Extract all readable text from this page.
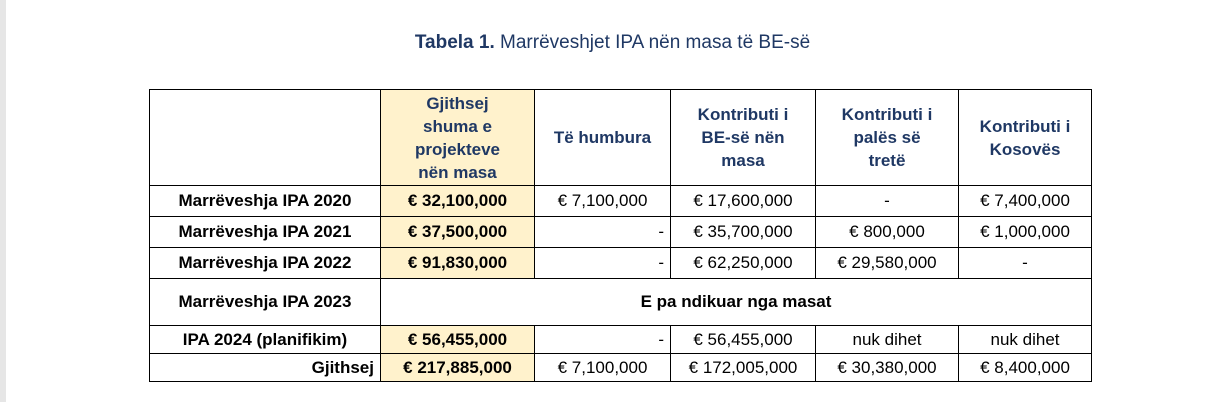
Tabela 1. Marrëveshjet IPA nën masa të BE-së
	Gjithsej shuma e projekteve nën masa	Të humbura	Kontributi i BE-së nën masa	Kontributi i palës së tretë	Kontributi i Kosovës
Marrëveshja IPA 2020	€ 32,100,000	€ 7,100,000	€ 17,600,000	-	€ 7,400,000
Marrëveshja IPA 2021	€ 37,500,000	-	€ 35,700,000	€ 800,000	€ 1,000,000
Marrëveshja IPA 2022	€ 91,830,000	-	€ 62,250,000	€ 29,580,000	-
Marrëveshja IPA 2023	E pa ndikuar nga masat				
IPA 2024 (planifikim)	€ 56,455,000	-	€ 56,455,000	nuk dihet	nuk dihet
Gjithsej	€ 217,885,000	€ 7,100,000	€ 172,005,000	€ 30,380,000	€ 8,400,000
